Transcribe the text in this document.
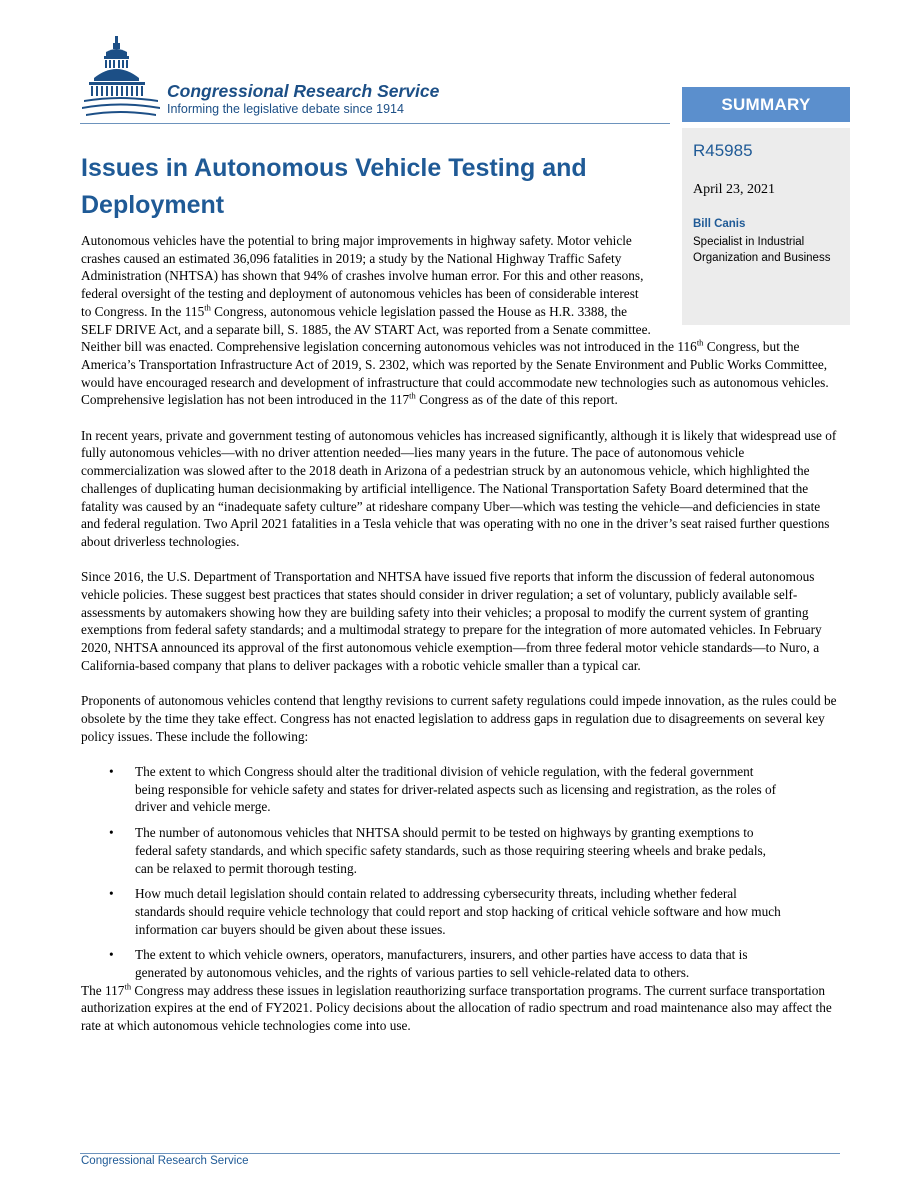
Congressional Research Service
Informing the legislative debate since 1914	SUMMARY
R45985
April 23, 2021
Bill Canis
Specialist in Industrial Organization and Business
Issues in Autonomous Vehicle Testing and Deployment

Autonomous vehicles have the potential to bring major improvements in highway safety. Motor vehicle crashes caused an estimated 36,096 fatalities in 2019; a study by the National Highway Traffic Safety Administration (NHTSA) has shown that 94% of crashes involve human error. For this and other reasons, federal oversight of the testing and deployment of autonomous vehicles has been of considerable interest to Congress. In the 115th Congress, autonomous vehicle legislation passed the House as H.R. 3388, the SELF DRIVE Act, and a separate bill, S. 1885, the AV START Act, was reported from a Senate committee. Neither bill was enacted. Comprehensive legislation concerning autonomous vehicles was not introduced in the 116th Congress, but the America’s Transportation Infrastructure Act of 2019, S. 2302, which was reported by the Senate Environment and Public Works Committee, would have encouraged research and development of infrastructure that could accommodate new technologies such as autonomous vehicles. Comprehensive legislation has not been introduced in the 117th Congress as of the date of this report.

In recent years, private and government testing of autonomous vehicles has increased significantly, although it is likely that widespread use of fully autonomous vehicles—with no driver attention needed—lies many years in the future. The pace of autonomous vehicle commercialization was slowed after to the 2018 death in Arizona of a pedestrian struck by an autonomous vehicle, which highlighted the challenges of duplicating human decisionmaking by artificial intelligence. The National Transportation Safety Board determined that the fatality was caused by an “inadequate safety culture” at rideshare company Uber—which was testing the vehicle—and deficiencies in state and federal regulation. Two April 2021 fatalities in a Tesla vehicle that was operating with no one in the driver’s seat raised further questions about driverless technologies.

Since 2016, the U.S. Department of Transportation and NHTSA have issued five reports that inform the discussion of federal autonomous vehicle policies. These suggest best practices that states should consider in driver regulation; a set of voluntary, publicly available self-assessments by automakers showing how they are building safety into their vehicles; a proposal to modify the current system of granting exemptions from federal safety standards; and a multimodal strategy to prepare for the integration of more automated vehicles. In February 2020, NHTSA announced its approval of the first autonomous vehicle exemption—from three federal motor vehicle standards—to Nuro, a California-based company that plans to deliver packages with a robotic vehicle smaller than a typical car.

Proponents of autonomous vehicles contend that lengthy revisions to current safety regulations could impede innovation, as the rules could be obsolete by the time they take effect. Congress has not enacted legislation to address gaps in regulation due to disagreements on several key policy issues. These include the following:

• The extent to which Congress should alter the traditional division of vehicle regulation, with the federal government being responsible for vehicle safety and states for driver-related aspects such as licensing and registration, as the roles of driver and vehicle merge.
• The number of autonomous vehicles that NHTSA should permit to be tested on highways by granting exemptions to federal safety standards, and which specific safety standards, such as those requiring steering wheels and brake pedals, can be relaxed to permit thorough testing.
• How much detail legislation should contain related to addressing cybersecurity threats, including whether federal standards should require vehicle technology that could report and stop hacking of critical vehicle software and how much information car buyers should be given about these issues.
• The extent to which vehicle owners, operators, manufacturers, insurers, and other parties have access to data that is generated by autonomous vehicles, and the rights of various parties to sell vehicle-related data to others.

The 117th Congress may address these issues in legislation reauthorizing surface transportation programs. The current surface transportation authorization expires at the end of FY2021. Policy decisions about the allocation of radio spectrum and road maintenance also may affect the rate at which autonomous vehicle technologies come into use.

Congressional Research Service
